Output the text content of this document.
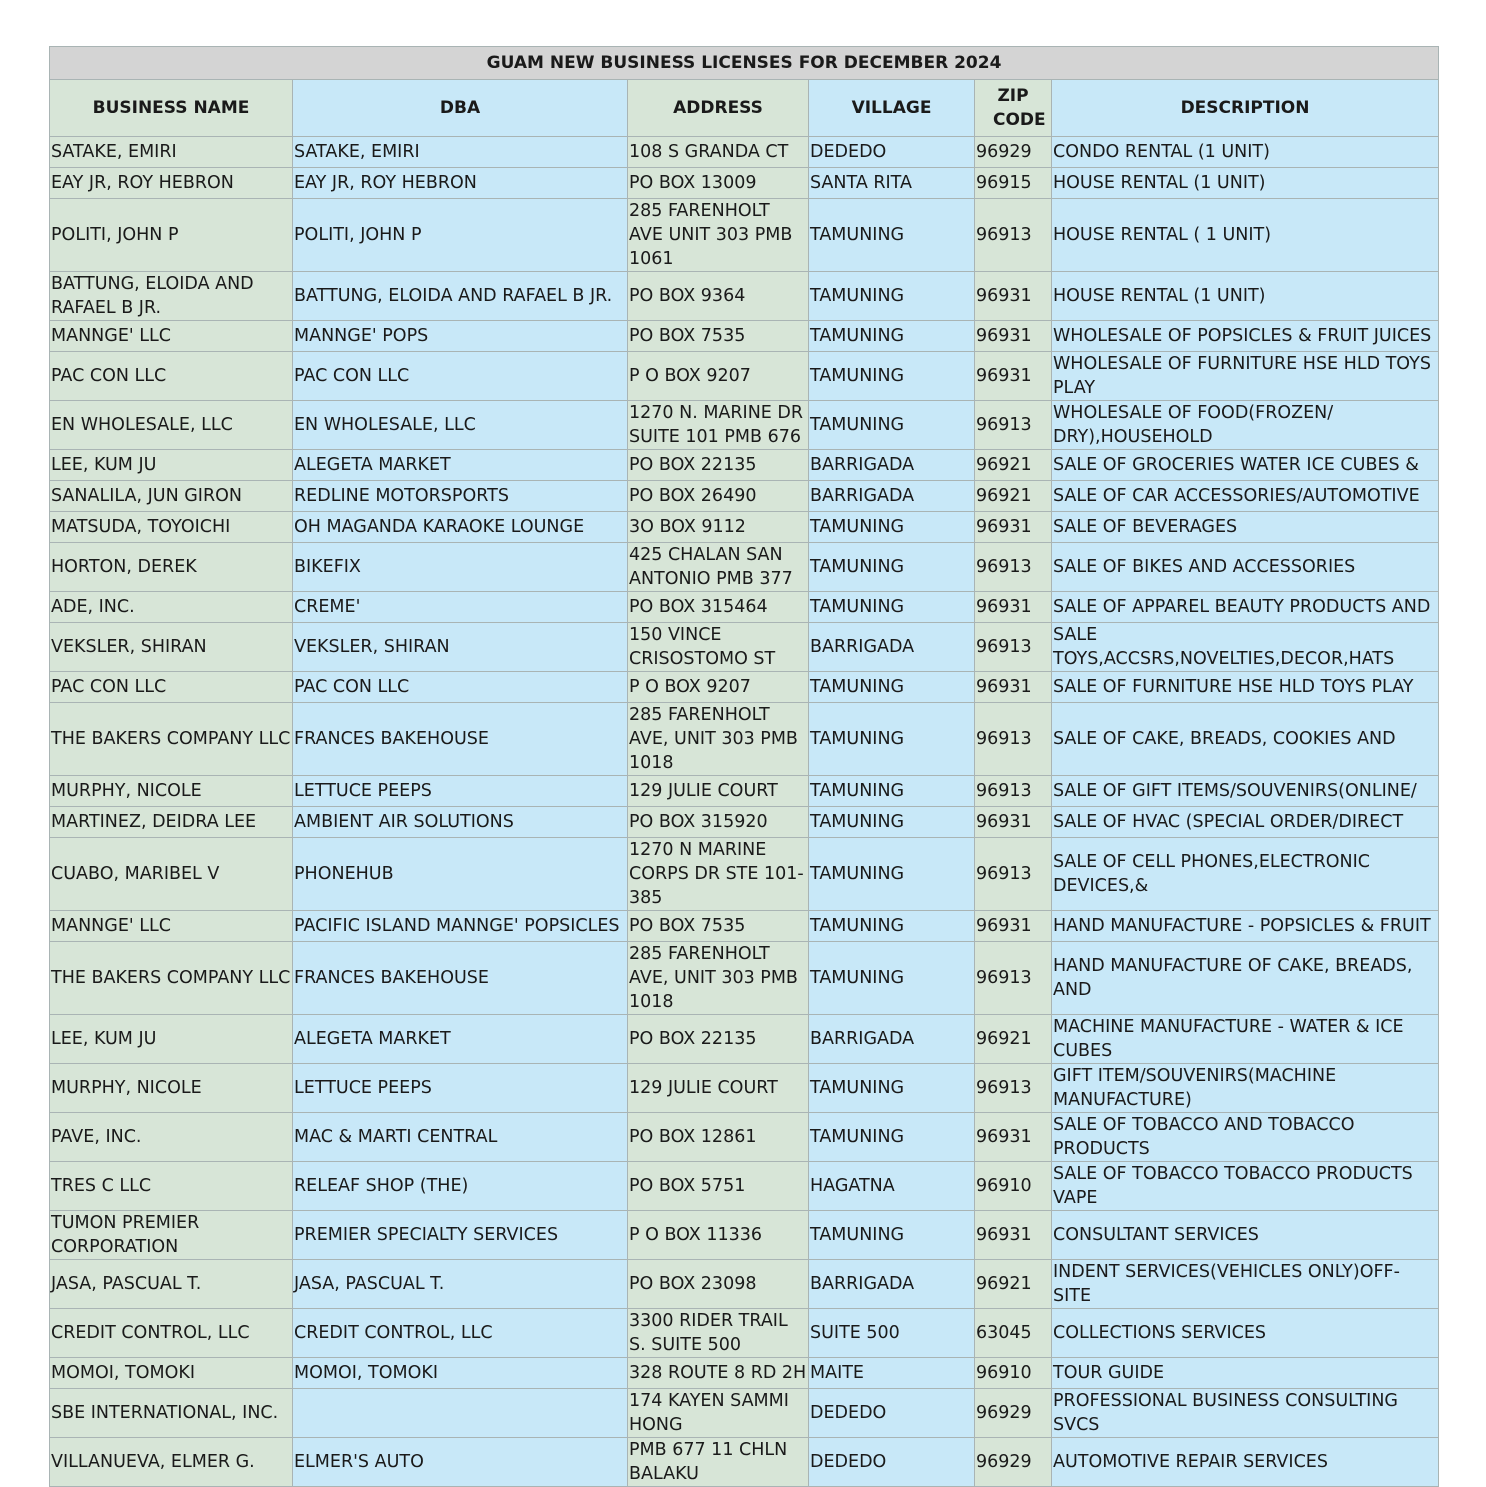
GUAM NEW BUSINESS LICENSES FOR DECEMBER 2024					
BUSINESS NAME	DBA	ADDRESS	VILLAGE	ZIP CODE	DESCRIPTION
SATAKE, EMIRI	SATAKE, EMIRI	108 S GRANDA CT	DEDEDO	96929	CONDO RENTAL (1 UNIT)
EAY JR, ROY HEBRON	EAY JR, ROY HEBRON	PO BOX 13009	SANTA RITA	96915	HOUSE RENTAL (1 UNIT)
POLITI, JOHN P	POLITI, JOHN P	285 FARENHOLT AVE UNIT 303 PMB 1061	TAMUNING	96913	HOUSE RENTAL ( 1 UNIT)
BATTUNG, ELOIDA AND RAFAEL B JR.	BATTUNG, ELOIDA AND RAFAEL B JR.	PO BOX 9364	TAMUNING	96931	HOUSE RENTAL (1 UNIT)
MANNGE' LLC	MANNGE' POPS	PO BOX 7535	TAMUNING	96931	WHOLESALE OF POPSICLES & FRUIT JUICES
PAC CON LLC	PAC CON LLC	P O BOX 9207	TAMUNING	96931	WHOLESALE OF FURNITURE HSE HLD TOYS PLAY
EN WHOLESALE, LLC	EN WHOLESALE, LLC	1270 N. MARINE DR SUITE 101 PMB 676	TAMUNING	96913	WHOLESALE OF FOOD(FROZEN/ DRY),HOUSEHOLD
LEE, KUM JU	ALEGETA MARKET	PO BOX 22135	BARRIGADA	96921	SALE OF GROCERIES WATER ICE CUBES &
SANALILA, JUN GIRON	REDLINE MOTORSPORTS	PO BOX 26490	BARRIGADA	96921	SALE OF CAR ACCESSORIES/AUTOMOTIVE
MATSUDA, TOYOICHI	OH MAGANDA KARAOKE LOUNGE	3O BOX 9112	TAMUNING	96931	SALE OF BEVERAGES
HORTON, DEREK	BIKEFIX	425 CHALAN SAN ANTONIO PMB 377	TAMUNING	96913	SALE OF BIKES AND ACCESSORIES
ADE, INC.	CREME'	PO BOX 315464	TAMUNING	96931	SALE OF APPAREL BEAUTY PRODUCTS AND
VEKSLER, SHIRAN	VEKSLER, SHIRAN	150 VINCE CRISOSTOMO ST	BARRIGADA	96913	SALE TOYS,ACCSRS,NOVELTIES,DECOR,HATS
PAC CON LLC	PAC CON LLC	P O BOX 9207	TAMUNING	96931	SALE OF FURNITURE HSE HLD TOYS PLAY
THE BAKERS COMPANY LLC	FRANCES BAKEHOUSE	285 FARENHOLT AVE, UNIT 303 PMB 1018	TAMUNING	96913	SALE OF CAKE, BREADS, COOKIES AND
MURPHY, NICOLE	LETTUCE PEEPS	129 JULIE COURT	TAMUNING	96913	SALE OF GIFT ITEMS/SOUVENIRS(ONLINE/
MARTINEZ, DEIDRA LEE	AMBIENT AIR SOLUTIONS	PO BOX 315920	TAMUNING	96931	SALE OF HVAC (SPECIAL ORDER/DIRECT
CUABO, MARIBEL V	PHONEHUB	1270 N MARINE CORPS DR STE 101-385	TAMUNING	96913	SALE OF CELL PHONES,ELECTRONIC DEVICES,&
MANNGE' LLC	PACIFIC ISLAND MANNGE' POPSICLES	PO BOX 7535	TAMUNING	96931	HAND MANUFACTURE - POPSICLES & FRUIT
THE BAKERS COMPANY LLC	FRANCES BAKEHOUSE	285 FARENHOLT AVE, UNIT 303 PMB 1018	TAMUNING	96913	HAND MANUFACTURE OF CAKE, BREADS, AND
LEE, KUM JU	ALEGETA MARKET	PO BOX 22135	BARRIGADA	96921	MACHINE MANUFACTURE - WATER & ICE CUBES
MURPHY, NICOLE	LETTUCE PEEPS	129 JULIE COURT	TAMUNING	96913	GIFT ITEM/SOUVENIRS(MACHINE MANUFACTURE)
PAVE, INC.	MAC & MARTI CENTRAL	PO BOX 12861	TAMUNING	96931	SALE OF TOBACCO AND TOBACCO PRODUCTS
TRES C LLC	RELEAF SHOP (THE)	PO BOX 5751	HAGATNA	96910	SALE OF TOBACCO TOBACCO PRODUCTS VAPE
TUMON PREMIER CORPORATION	PREMIER SPECIALTY SERVICES	P O BOX 11336	TAMUNING	96931	CONSULTANT SERVICES
JASA, PASCUAL T.	JASA, PASCUAL T.	PO BOX 23098	BARRIGADA	96921	INDENT SERVICES(VEHICLES ONLY)OFF-SITE
CREDIT CONTROL, LLC	CREDIT CONTROL, LLC	3300 RIDER TRAIL S. SUITE 500	SUITE 500	63045	COLLECTIONS SERVICES
MOMOI, TOMOKI	MOMOI, TOMOKI	328 ROUTE 8 RD 2H	MAITE	96910	TOUR GUIDE
SBE INTERNATIONAL, INC.		174 KAYEN SAMMI HONG	DEDEDO	96929	PROFESSIONAL BUSINESS CONSULTING SVCS
VILLANUEVA, ELMER G.	ELMER'S AUTO	PMB 677 11 CHLN BALAKU	DEDEDO	96929	AUTOMOTIVE REPAIR SERVICES
